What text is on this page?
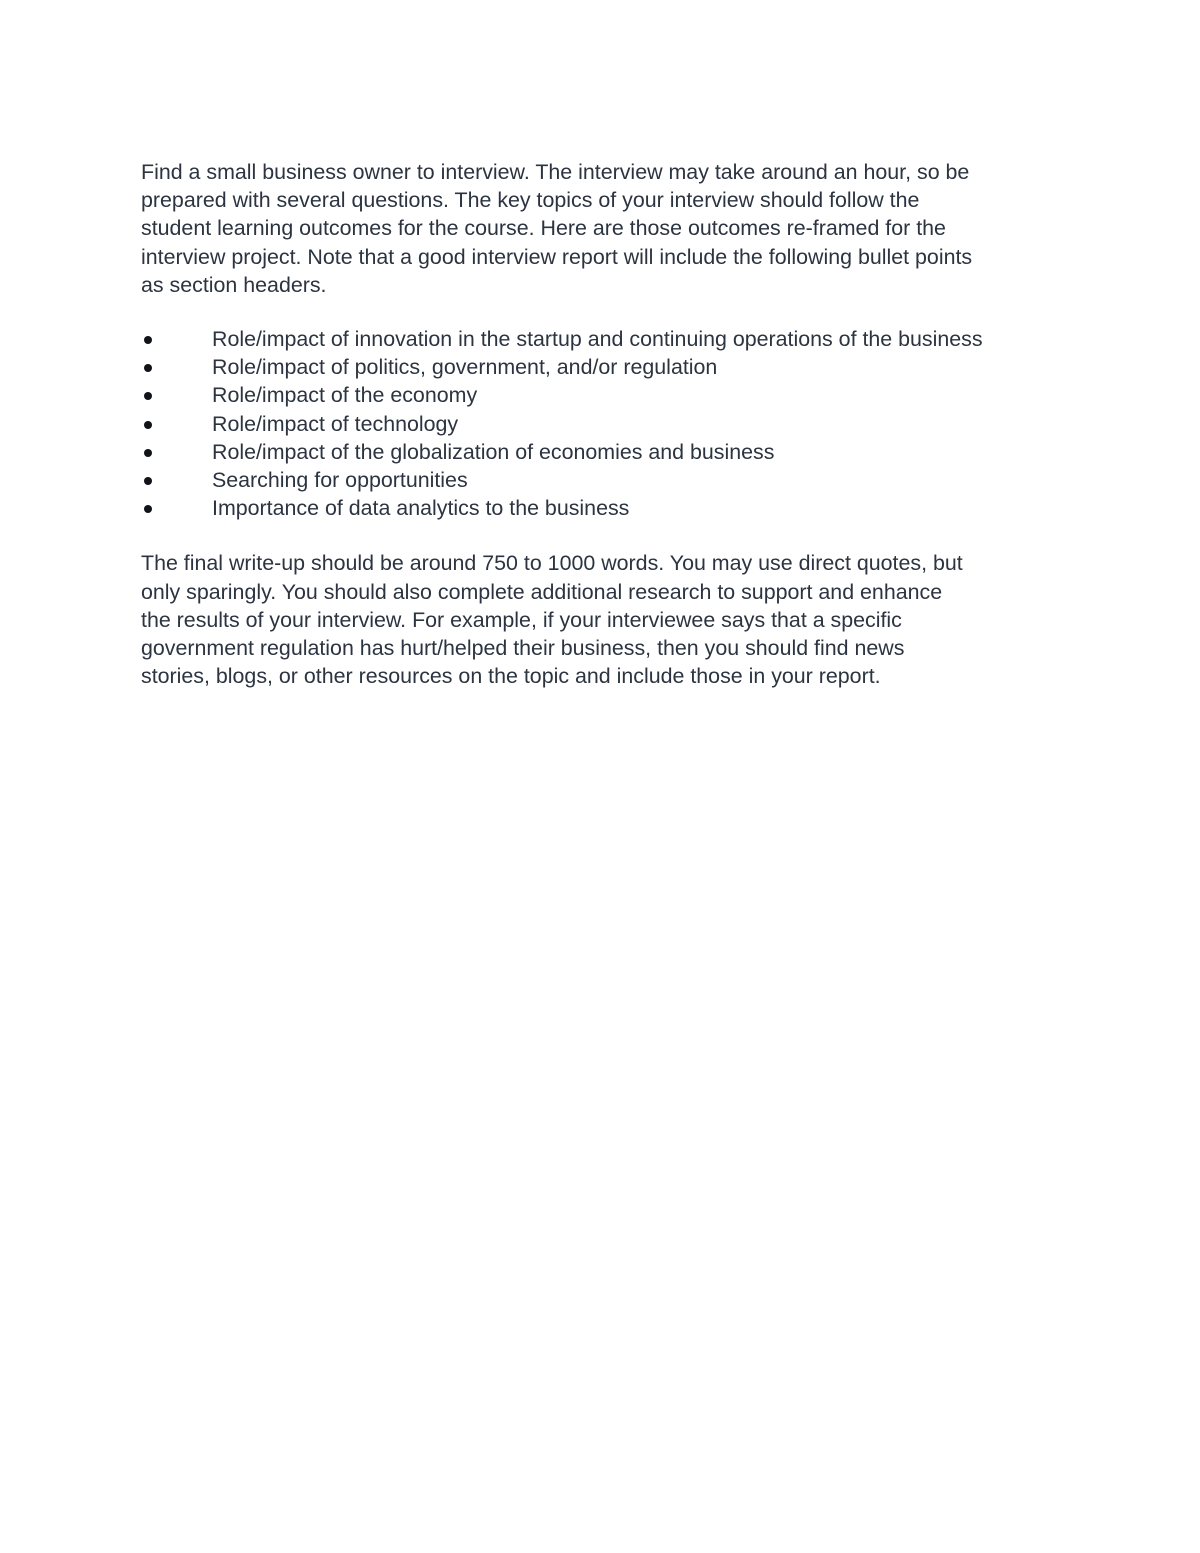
Find a small business owner to interview. The interview may take around an hour, so be
prepared with several questions. The key topics of your interview should follow the
student learning outcomes for the course. Here are those outcomes re-framed for the
interview project. Note that a good interview report will include the following bullet points
as section headers.

Role/impact of innovation in the startup and continuing operations of the business
Role/impact of politics, government, and/or regulation
Role/impact of the economy
Role/impact of technology
Role/impact of the globalization of economies and business
Searching for opportunities
Importance of data analytics to the business

The final write-up should be around 750 to 1000 words. You may use direct quotes, but
only sparingly. You should also complete additional research to support and enhance
the results of your interview. For example, if your interviewee says that a specific
government regulation has hurt/helped their business, then you should find news
stories, blogs, or other resources on the topic and include those in your report.
